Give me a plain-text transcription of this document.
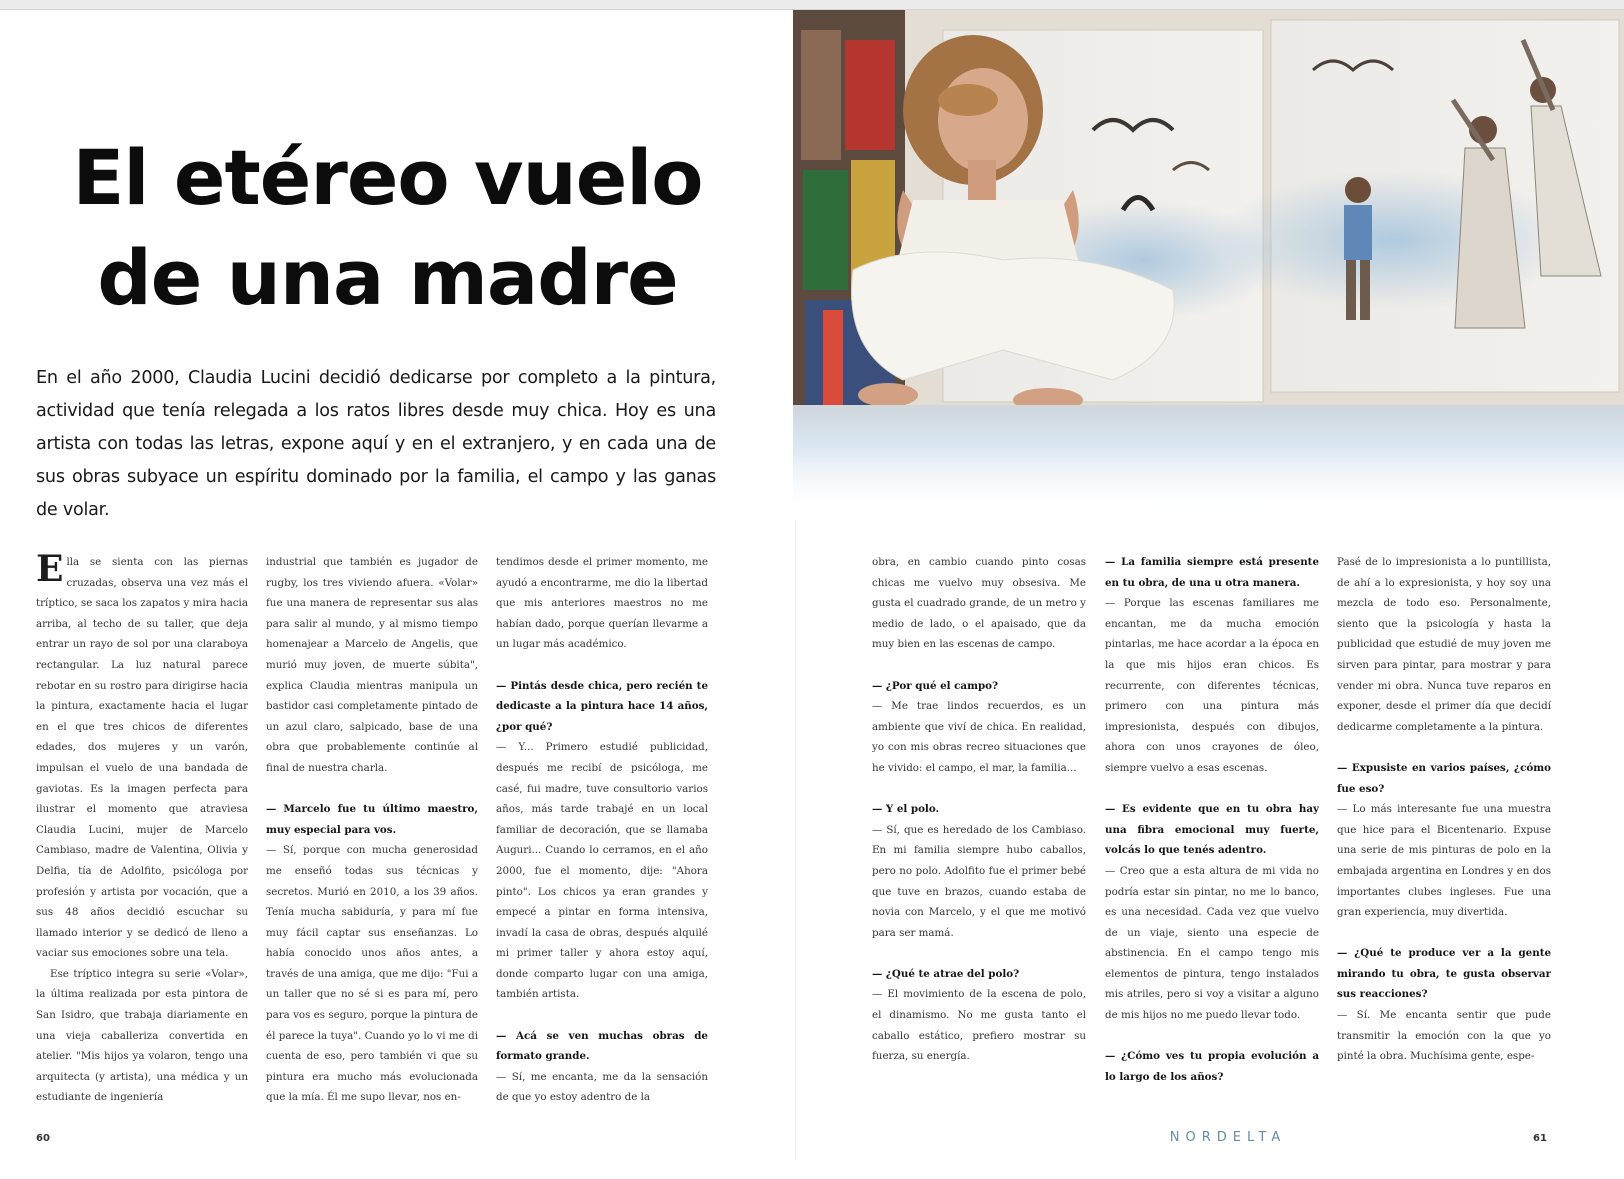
El etéreo vuelo de una madre

En el año 2000, Claudia Lucini decidió dedicarse por completo a la pintura, actividad que tenía relegada a los ratos libres desde muy chica. Hoy es una artista con todas las letras, expone aquí y en el extranjero, y en cada una de sus obras subyace un espíritu dominado por la familia, el campo y las ganas de volar.

Ella se sienta con las piernas cruzadas, observa una vez más el tríptico, se saca los zapatos y mira hacia arriba, al techo de su taller, que deja entrar un rayo de sol por una claraboya rectangular. La luz natural parece rebotar en su rostro para dirigirse hacia la pintura, exactamente hacia el lugar en el que tres chicos de diferentes edades, dos mujeres y un varón, impulsan el vuelo de una bandada de gaviotas. Es la imagen perfecta para ilustrar el momento que atraviesa Claudia Lucini, mujer de Marcelo Cambiaso, madre de Valentina, Olivia y Delfia, tía de Adolfito, psicóloga por profesión y artista por vocación, que a sus 48 años decidió escuchar su llamado interior y se dedicó de lleno a vaciar sus emociones sobre una tela.

Ese tríptico integra su serie «Volar», la última realizada por esta pintora de San Isidro, que trabaja diariamente en una vieja caballeriza convertida en atelier. "Mis hijos ya volaron, tengo una arquitecta (y artista), una médica y un estudiante de ingeniería

industrial que también es jugador de rugby, los tres viviendo afuera. «Volar» fue una manera de representar sus alas para salir al mundo, y al mismo tiempo homenajear a Marcelo de Angelis, que murió muy joven, de muerte súbita", explica Claudia mientras manipula un bastidor casi completamente pintado de un azul claro, salpicado, base de una obra que probablemente continúe al final de nuestra charla.

— Marcelo fue tu último maestro, muy especial para vos.

— Sí, porque con mucha generosidad me enseñó todas sus técnicas y secretos. Murió en 2010, a los 39 años. Tenía mucha sabiduría, y para mí fue muy fácil captar sus enseñanzas. Lo había conocido unos años antes, a través de una amiga, que me dijo: "Fui a un taller que no sé si es para mí, pero para vos es seguro, porque la pintura de él parece la tuya". Cuando yo lo vi me di cuenta de eso, pero también vi que su pintura era mucho más evolucionada que la mía. Él me supo llevar, nos en-

tendimos desde el primer momento, me ayudó a encontrarme, me dio la libertad que mis anteriores maestros no me habían dado, porque querían llevarme a un lugar más académico.

— Pintás desde chica, pero recién te dedicaste a la pintura hace 14 años, ¿por qué?

— Y... Primero estudié publicidad, después me recibí de psicóloga, me casé, fui madre, tuve consultorio varios años, más tarde trabajé en un local familiar de decoración, que se llamaba Auguri... Cuando lo cerramos, en el año 2000, fue el momento, dije: "Ahora pinto". Los chicos ya eran grandes y empecé a pintar en forma intensiva, invadí la casa de obras, después alquilé mi primer taller y ahora estoy aquí, donde comparto lugar con una amiga, también artista.

— Acá se ven muchas obras de formato grande.

— Sí, me encanta, me da la sensación de que yo estoy adentro de la

obra, en cambio cuando pinto cosas chicas me vuelvo muy obsesiva. Me gusta el cuadrado grande, de un metro y medio de lado, o el apaisado, que da muy bien en las escenas de campo.

— ¿Por qué el campo?

— Me trae lindos recuerdos, es un ambiente que viví de chica. En realidad, yo con mis obras recreo situaciones que he vivido: el campo, el mar, la familia...

— Y el polo.

— Sí, que es heredado de los Cambiaso. En mi familia siempre hubo caballos, pero no polo. Adolfito fue el primer bebé que tuve en brazos, cuando estaba de novia con Marcelo, y el que me motivó para ser mamá.

— ¿Qué te atrae del polo?

— El movimiento de la escena de polo, el dinamismo. No me gusta tanto el caballo estático, prefiero mostrar su fuerza, su energía.

— La familia siempre está presente en tu obra, de una u otra manera.

— Porque las escenas familiares me encantan, me da mucha emoción pintarlas, me hace acordar a la época en la que mis hijos eran chicos. Es recurrente, con diferentes técnicas, primero con una pintura más impresionista, después con dibujos, ahora con unos crayones de óleo, siempre vuelvo a esas escenas.

— Es evidente que en tu obra hay una fibra emocional muy fuerte, volcás lo que tenés adentro.

— Creo que a esta altura de mi vida no podría estar sin pintar, no me lo banco, es una necesidad. Cada vez que vuelvo de un viaje, siento una especie de abstinencia. En el campo tengo mis elementos de pintura, tengo instalados mis atriles, pero si voy a visitar a alguno de mis hijos no me puedo llevar todo.

— ¿Cómo ves tu propia evolución a lo largo de los años?

Pasé de lo impresionista a lo puntillista, de ahí a lo expresionista, y hoy soy una mezcla de todo eso. Personalmente, siento que la psicología y hasta la publicidad que estudié de muy joven me sirven para pintar, para mostrar y para vender mi obra. Nunca tuve reparos en exponer, desde el primer día que decidí dedicarme completamente a la pintura.

— Expusiste en varios países, ¿cómo fue eso?

— Lo más interesante fue una muestra que hice para el Bicentenario. Expuse una serie de mis pinturas de polo en la embajada argentina en Londres y en dos importantes clubes ingleses. Fue una gran experiencia, muy divertida.

— ¿Qué te produce ver a la gente mirando tu obra, te gusta observar sus reacciones?

— Sí. Me encanta sentir que pude transmitir la emoción con la que yo pinté la obra. Muchísima gente, espe-

60	NORDELTA	61
